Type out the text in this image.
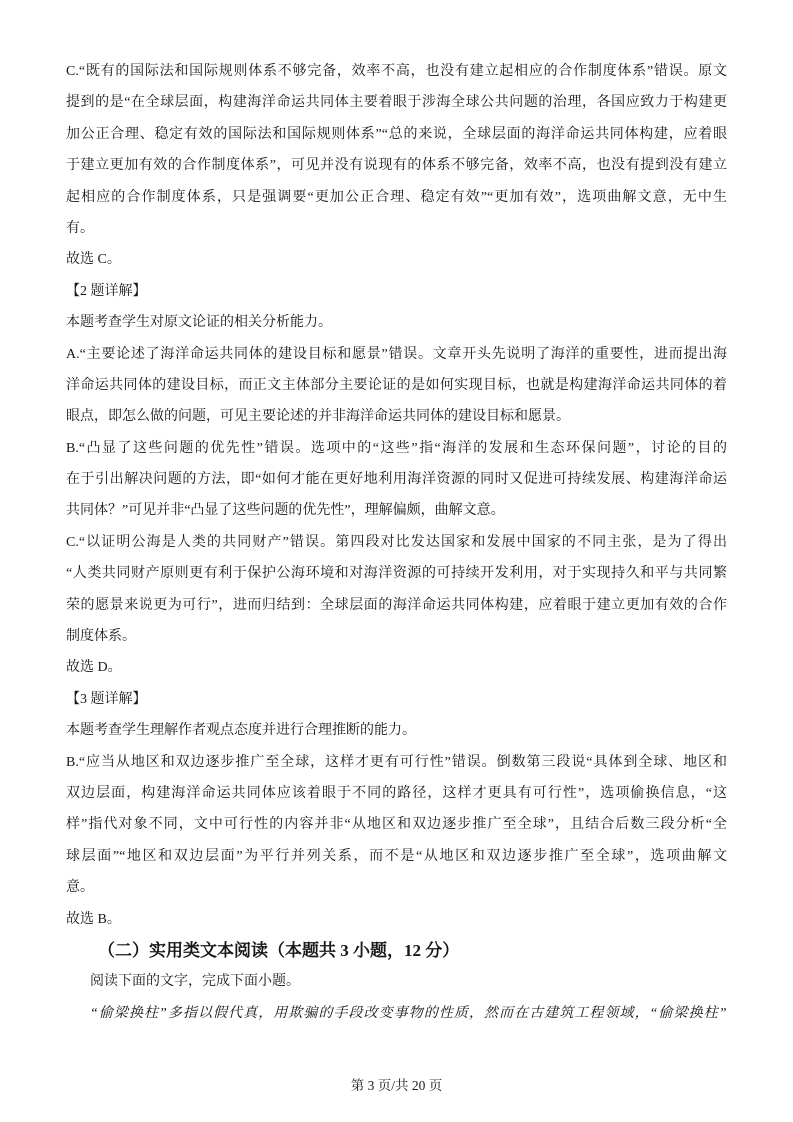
C.“既有的国际法和国际规则体系不够完备，效率不高，也没有建立起相应的合作制度体系”错误。原文
提到的是“在全球层面，构建海洋命运共同体主要着眼于涉海全球公共问题的治理，各国应致力于构建更
加公正合理、稳定有效的国际法和国际规则体系”“总的来说，全球层面的海洋命运共同体构建，应着眼
于建立更加有效的合作制度体系”，可见并没有说现有的体系不够完备，效率不高，也没有提到没有建立
起相应的合作制度体系，只是强调要“更加公正合理、稳定有效”“更加有效”，选项曲解文意，无中生
有。
故选 C。
【2 题详解】
本题考查学生对原文论证的相关分析能力。
A.“主要论述了海洋命运共同体的建设目标和愿景”错误。文章开头先说明了海洋的重要性，进而提出海
洋命运共同体的建设目标，而正文主体部分主要论证的是如何实现目标，也就是构建海洋命运共同体的着
眼点，即怎么做的问题，可见主要论述的并非海洋命运共同体的建设目标和愿景。
B.“凸显了这些问题的优先性”错误。选项中的“这些”指“海洋的发展和生态环保问题”，讨论的目的
在于引出解决问题的方法，即“如何才能在更好地利用海洋资源的同时又促进可持续发展、构建海洋命运
共同体？”可见并非“凸显了这些问题的优先性”，理解偏颇，曲解文意。
C.“以证明公海是人类的共同财产”错误。第四段对比发达国家和发展中国家的不同主张，是为了得出
“人类共同财产原则更有利于保护公海环境和对海洋资源的可持续开发利用，对于实现持久和平与共同繁
荣的愿景来说更为可行”，进而归结到：全球层面的海洋命运共同体构建，应着眼于建立更加有效的合作
制度体系。
故选 D。
【3 题详解】
本题考查学生理解作者观点态度并进行合理推断的能力。
B.“应当从地区和双边逐步推广至全球，这样才更有可行性”错误。倒数第三段说“具体到全球、地区和
双边层面，构建海洋命运共同体应该着眼于不同的路径，这样才更具有可行性”，选项偷换信息，“这
样”指代对象不同，文中可行性的内容并非“从地区和双边逐步推广至全球”，且结合后数三段分析“全
球层面”“地区和双边层面”为平行并列关系，而不是“从地区和双边逐步推广至全球”，选项曲解文
意。
故选 B。
（二）实用类文本阅读（本题共 3 小题，12 分）
阅读下面的文字，完成下面小题。
“偷梁换柱”多指以假代真，用欺骗的手段改变事物的性质，然而在古建筑工程领域，“偷梁换柱”
第 3 页/共 20 页
